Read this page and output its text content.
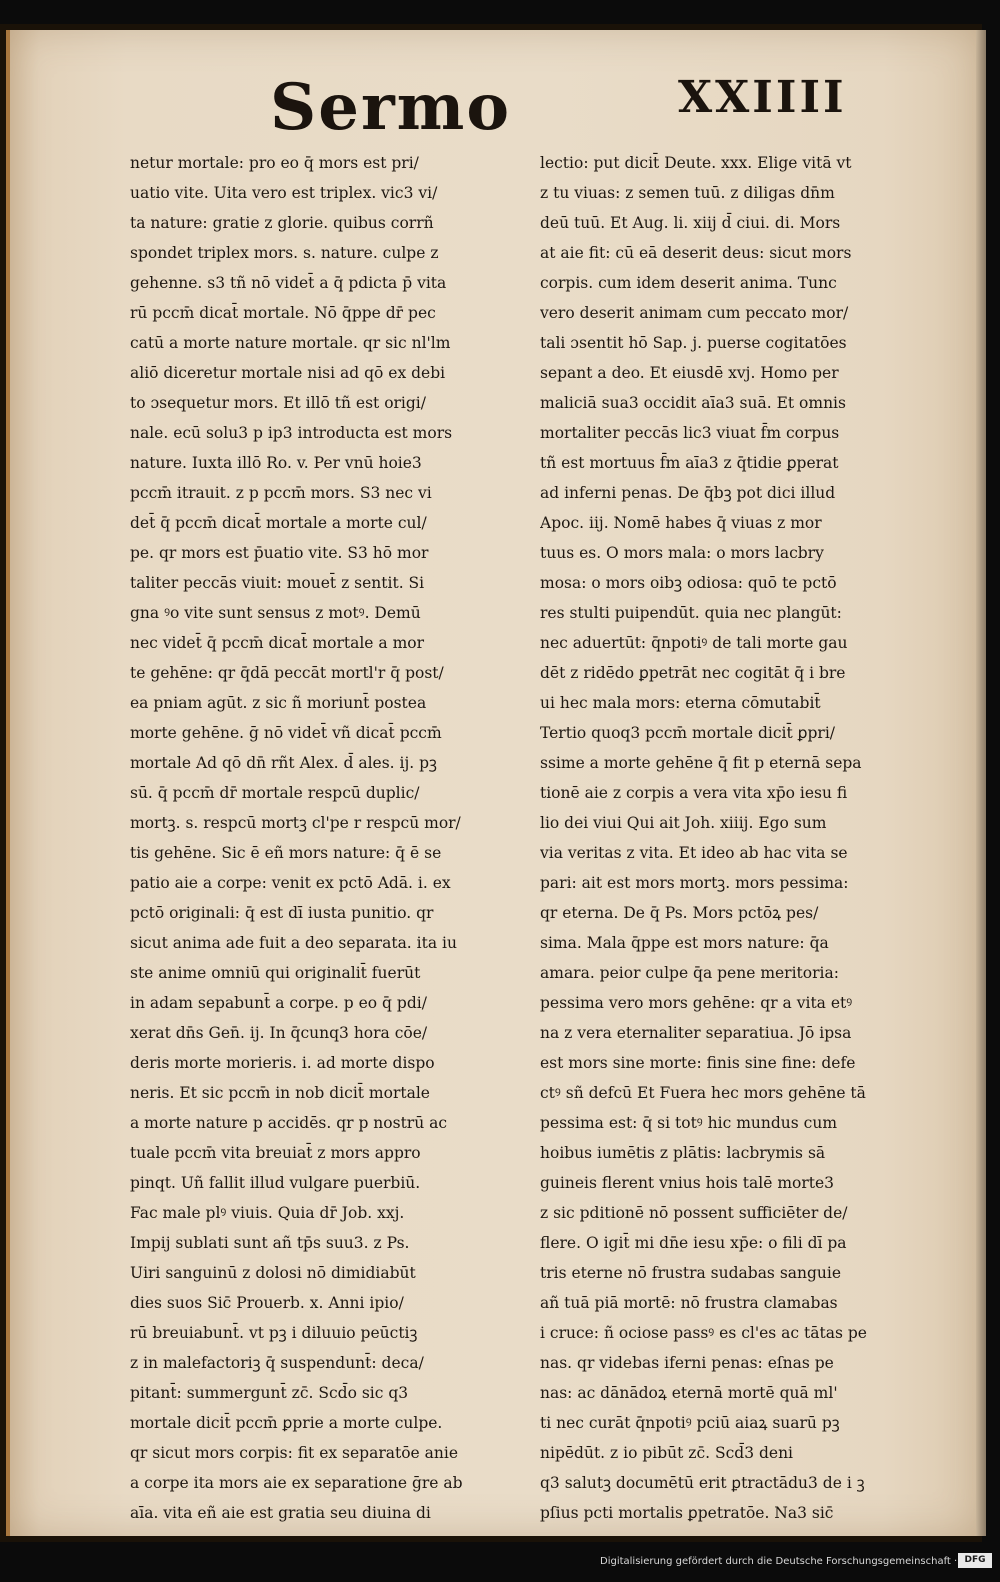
Sermo	XXIIII
netur mortale: pro eo q̄ mors est pri/
uatio vite. Uita vero est triplex. vic3 vi/
ta nature: gratie z glorie. quibus corrñ
spondet triplex mors. s. nature. culpe z
gehenne. s3 tñ nō videt̄ a q̄ pdicta p̄ vita
rū pccm̄ dicat̄ mortale. Nō q̄ppe dr̄ pec
catū a morte nature mortale. qr sic nl'lm
aliō diceretur mortale nisi ad qō ex debi
to ɔsequetur mors. Et illō tñ est origi/
nale. ecū solu3 p ip3 introducta est mors
nature. Iuxta illō Ro. v. Per vnū hoie3
pccm̄ itrauit. z p pccm̄ mors. S3 nec vi
det̄ q̄ pccm̄ dicat̄ mortale a morte cul/
pe. qr mors est p̄uatio vite. S3 hō mor
taliter peccās viuit: mouet̄ z sentit. Si
gna ꝰo vite sunt sensus z motꝰ. Demū
nec videt̄ q̄ pccm̄ dicat̄ mortale a mor
te gehēne: qr q̄dā peccāt mortl'r q̄ post/
ea pniam agūt. z sic ñ moriunt̄ postea
morte gehēne. ḡ nō videt̄ vñ dicat̄ pccm̄
mortale Ad qō dn̄ rñt Alex. d̄ ales. ij. pꝫ
sū. q̄ pccm̄ dr̄ mortale respcū duplic/
mortꝫ. s. respcū mortꝫ cl'pe r respcū mor/
tis gehēne. Sic ē eñ mors nature: q̄ ē se
patio aie a corpe: venit ex pctō Adā. i. ex
pctō originali: q̄ est dī iusta punitio. qr
sicut anima ade fuit a deo separata. ita iu
ste anime omniū qui originalit̄ fuerūt
in adam sepabunt̄ a corpe. p eo q̄ pdi/
xerat dn̄s Gen̄. ij. In q̄cunq3 hora cōe/
deris morte morieris. i. ad morte dispo
neris. Et sic pccm̄ in nob dicit̄ mortale
a morte nature p accidēs. qr p nostrū ac
tuale pccm̄ vita breuiat̄ z mors appro
pinqt. Uñ fallit illud vulgare puerbiū.
Fac male plꝰ viuis. Quia dr̄ Job. xxj.
Impij sublati sunt añ tp̄s suu3. z Ps.
Uiri sanguinū z dolosi nō dimidiabūt
dies suos Sic̄ Prouerb. x. Anni ipio/
rū breuiabunt̄. vt pꝫ i diluuio peūctiꝫ
z in malefactoriꝫ q̄ suspendunt̄: deca/
pitant̄: summergunt̄ zc̄. Scd̄o sic q3
mortale dicit̄ pccm̄ ꝑprie a morte culpe.
qr sicut mors corpis: fit ex separatōe anie
a corpe ita mors aie ex separatione ḡre ab
aīa. vita eñ aie est gratia seu diuina di
lectio: put dicit̄ Deute. xxx. Elige vitā vt
z tu viuas: z semen tuū. z diligas dn̄m
deū tuū. Et Aug. li. xiij d̄ ciui. di. Mors
at aie fit: cū eā deserit deus: sicut mors
corpis. cum idem deserit anima. Tunc
vero deserit animam cum peccato mor/
tali ɔsentit hō Sap. j. puerse cogitatōes
sepant a deo. Et eiusdē xvj. Homo per
maliciā sua3 occidit aīa3 suā. Et omnis
mortaliter peccās lic3 viuat f̄m corpus
tñ est mortuus f̄m aīa3 z q̄tidie ꝑperat
ad inferni penas. De q̄bꝫ pot dici illud
Apoc. iij. Nomē habes q̄ viuas z mor
tuus es. O mors mala: o mors lacbry
mosa: o mors oibꝫ odiosa: quō te pctō
res stulti puipendūt. quia nec plangūt:
nec aduertūt: q̄npotiꝰ de tali morte gau
dēt z ridēdo ꝑpetrāt nec cogitāt q̄ i bre
ui hec mala mors: eterna cōmutabit̄
Tertio quoq3 pccm̄ mortale dicit̄ ꝑpri/
ssime a morte gehēne q̄ fit p eternā sepa
tionē aie z corpis a vera vita xp̄o iesu fi
lio dei viui Qui ait Joh. xiiij. Ego sum
via veritas z vita. Et ideo ab hac vita se
pari: ait est mors mortꝫ. mors pessima:
qr eterna. De q̄ Ps. Mors pctōꝝ pes/
sima. Mala q̄ppe est mors nature: q̄a
amara. peior culpe q̄a pene meritoria:
pessima vero mors gehēne: qr a vita etꝰ
na z vera eternaliter separatiua. Jō ipsa
est mors sine morte: finis sine fine: defe
ctꝰ sñ defcū Et Fuera hec mors gehēne tā
pessima est: q̄ si totꝰ hic mundus cum
hoibus iumētis z plātis: lacbrymis sā
guineis flerent vnius hois talē morte3
z sic pditionē nō possent sufficiēter de/
flere. O igit̄ mi dn̄e iesu xp̄e: o fili dī pa
tris eterne nō frustra sudabas sanguie
añ tuā piā mortē: nō frustra clamabas
i cruce: ñ ociose passꝰ es cl'es ac tātas pe
nas. qr videbas iferni penas: eſnas pe
nas: ac dānādoꝝ eternā mortē quā ml'
ti nec curāt q̄npotiꝰ pciū aiaꝝ suarū pꝫ
nipēdūt. z io pibūt zc̄. Scd̄3 deni
q3 salutꝫ documētū erit ꝑtractādu3 de i ꝫ
pſius pcti mortalis ꝑpetratōe. Na3 sic̄
Digitalisierung gefördert durch die Deutsche Forschungsgemeinschaft · DFG
